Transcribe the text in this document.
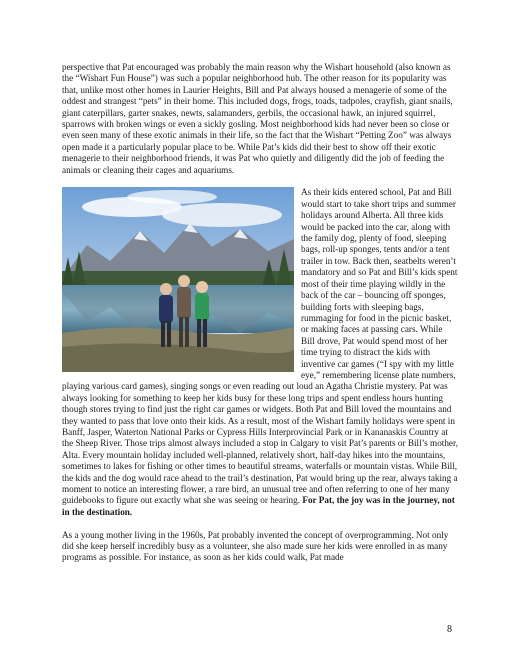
perspective that Pat encouraged was probably the main reason why the Wishart household (also known as the “Wishart Fun House”) was such a popular neighborhood hub. The other reason for its popularity was that, unlike most other homes in Laurier Heights, Bill and Pat always housed a menagerie of some of the oddest and strangest “pets” in their home. This included dogs, frogs, toads, tadpoles, crayfish, giant snails, giant caterpillars, garter snakes, newts, salamanders, gerbils, the occasional hawk, an injured squirrel, sparrows with broken wings or even a sickly gosling. Most neighborhood kids had never been so close or even seen many of these exotic animals in their life, so the fact that the Wishart “Petting Zoo” was always open made it a particularly popular place to be. While Pat’s kids did their best to show off their exotic menagerie to their neighborhood friends, it was Pat who quietly and diligently did the job of feeding the animals or cleaning their cages and aquariums.

As their kids entered school, Pat and Bill would start to take short trips and summer holidays around Alberta. All three kids would be packed into the car, along with the family dog, plenty of food, sleeping bags, roll-up sponges, tents and/or a tent trailer in tow. Back then, seatbelts weren’t mandatory and so Pat and Bill’s kids spent most of their time playing wildly in the back of the car – bouncing off sponges, building forts with sleeping bags, rummaging for food in the picnic basket, or making faces at passing cars. While Bill drove, Pat would spend most of her time trying to distract the kids with inventive car games (“I spy with my little eye,” remembering license plate numbers, playing various card games), singing songs or even reading out loud an Agatha Christie mystery. Pat was always looking for something to keep her kids busy for these long trips and spent endless hours hunting though stores trying to find just the right car games or widgets. Both Pat and Bill loved the mountains and they wanted to pass that love onto their kids. As a result, most of the Wishart family holidays were spent in Banff, Jasper, Waterton National Parks or Cypress Hills Interprovincial Park or in Kananaskis Country at the Sheep River. Those trips almost always included a stop in Calgary to visit Pat’s parents or Bill’s mother, Alta. Every mountain holiday included well-planned, relatively short, half-day hikes into the mountains, sometimes to lakes for fishing or other times to beautiful streams, waterfalls or mountain vistas. While Bill, the kids and the dog would race ahead to the trail’s destination, Pat would bring up the rear, always taking a moment to notice an interesting flower, a rare bird, an unusual tree and often referring to one of her many guidebooks to figure out exactly what she was seeing or hearing. For Pat, the joy was in the journey, not in the destination.

As a young mother living in the 1960s, Pat probably invented the concept of overprogramming. Not only did she keep herself incredibly busy as a volunteer, she also made sure her kids were enrolled in as many programs as possible. For instance, as soon as her kids could walk, Pat made

8
